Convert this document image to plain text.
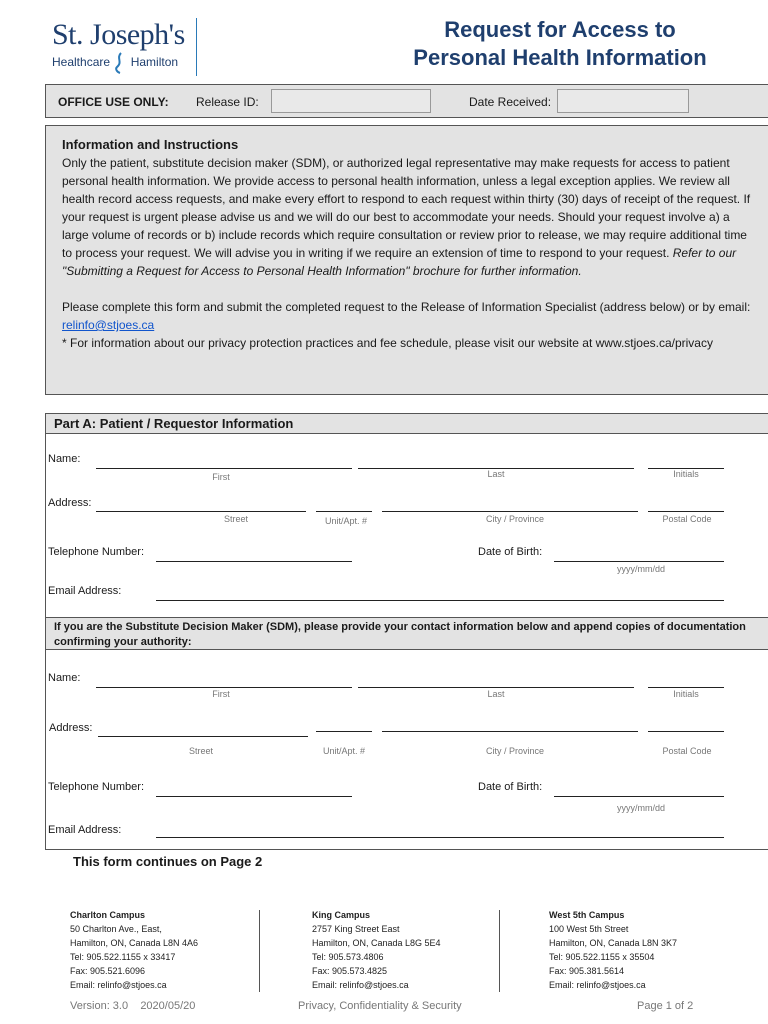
St. Joseph's
Healthcare Hamilton
Request for Access to
Personal Health Information
OFFICE USE ONLY: Release ID:	Date Received:
Information and Instructions

Only the patient, substitute decision maker (SDM), or authorized legal representative may make requests for access to patient personal health information. We provide access to personal health information, unless a legal exception applies. We review all health record access requests, and make every effort to respond to each request within thirty (30) days of receipt of the request. If your request is urgent please advise us and we will do our best to accommodate your needs. Should your request involve a) a large volume of records or b) include records which require consultation or review prior to release, we may require additional time to process your request. We will advise you in writing if we require an extension of time to respond to your request. Refer to our "Submitting a Request for Access to Personal Health Information" brochure for further information.

Please complete this form and submit the completed request to the Release of Information Specialist (address below) or by email: relinfo@stjoes.ca

* For information about our privacy protection practices and fee schedule, please visit our website at www.stjoes.ca/privacy

Part A: Patient / Requestor Information
Name:
First	Last	Initials
Address:
Street	Unit/Apt. #	City / Province	Postal Code
Telephone Number:	Date of Birth:
yyyy/mm/dd
Email Address:
If you are the Substitute Decision Maker (SDM), please provide your contact information below and append copies of documentation confirming your authority:
Name:
First	Last	Initials
Address:
Street	Unit/Apt. #	City / Province	Postal Code
Telephone Number:	Date of Birth:
yyyy/mm/dd
Email Address:
This form continues on Page 2
Charlton Campus
50 Charlton Ave., East,
Hamilton, ON, Canada L8N 4A6
Tel: 905.522.1155 x 33417
Fax: 905.521.6096
Email: relinfo@stjoes.ca
King Campus
2757 King Street East
Hamilton, ON, Canada L8G 5E4
Tel: 905.573.4806
Fax: 905.573.4825
Email: relinfo@stjoes.ca
West 5th Campus
100 West 5th Street
Hamilton, ON, Canada L8N 3K7
Tel: 905.522.1155 x 35504
Fax: 905.381.5614
Email: relinfo@stjoes.ca
Version: 3.0    2020/05/20	Privacy, Confidentiality & Security	Page 1 of 2
